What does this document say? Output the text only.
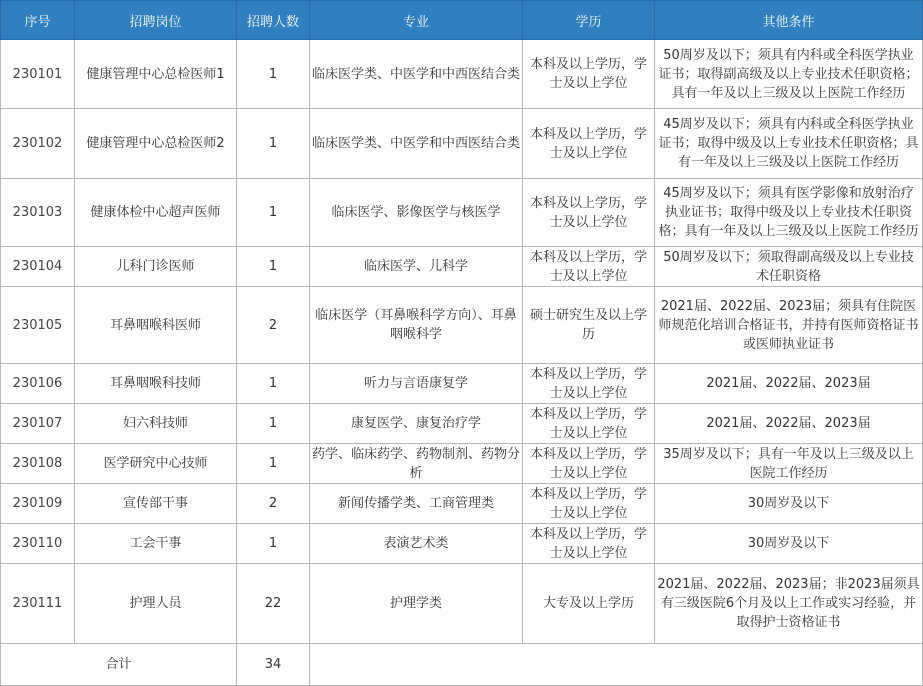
序号	招聘岗位	招聘人数	专业	学历	其他条件
230101	健康管理中心总检医师1	1	临床医学类、中医学和中西医结合类	本科及以上学历，学士及以上学位	50周岁及以下；须具有内科或全科医学执业证书；取得副高级及以上专业技术任职资格；具有一年及以上三级及以上医院工作经历
230102	健康管理中心总检医师2	1	临床医学类、中医学和中西医结合类	本科及以上学历，学士及以上学位	45周岁及以下；须具有内科或全科医学执业证书；取得中级及以上专业技术任职资格；具有一年及以上三级及以上医院工作经历
230103	健康体检中心超声医师	1	临床医学、影像医学与核医学	本科及以上学历，学士及以上学位	45周岁及以下；须具有医学影像和放射治疗执业证书；取得中级及以上专业技术任职资格；具有一年及以上三级及以上医院工作经历
230104	儿科门诊医师	1	临床医学、儿科学	本科及以上学历，学士及以上学位	50周岁及以下；须取得副高级及以上专业技术任职资格
230105	耳鼻咽喉科医师	2	临床医学（耳鼻喉科学方向）、耳鼻咽喉科学	硕士研究生及以上学历	2021届、2022届、2023届；须具有住院医师规范化培训合格证书，并持有医师资格证书或医师执业证书
230106	耳鼻咽喉科技师	1	听力与言语康复学	本科及以上学历，学士及以上学位	2021届、2022届、2023届
230107	妇六科技师	1	康复医学、康复治疗学	本科及以上学历，学士及以上学位	2021届、2022届、2023届
230108	医学研究中心技师	1	药学、临床药学、药物制剂、药物分析	本科及以上学历，学士及以上学位	35周岁及以下；具有一年及以上三级及以上医院工作经历
230109	宣传部干事	2	新闻传播学类、工商管理类	本科及以上学历，学士及以上学位	30周岁及以下
230110	工会干事	1	表演艺术类	本科及以上学历，学士及以上学位	30周岁及以下
230111	护理人员	22	护理学类	大专及以上学历	2021届、2022届、2023届；非2023届须具有三级医院6个月及以上工作或实习经验，并取得护士资格证书
合计		34			
